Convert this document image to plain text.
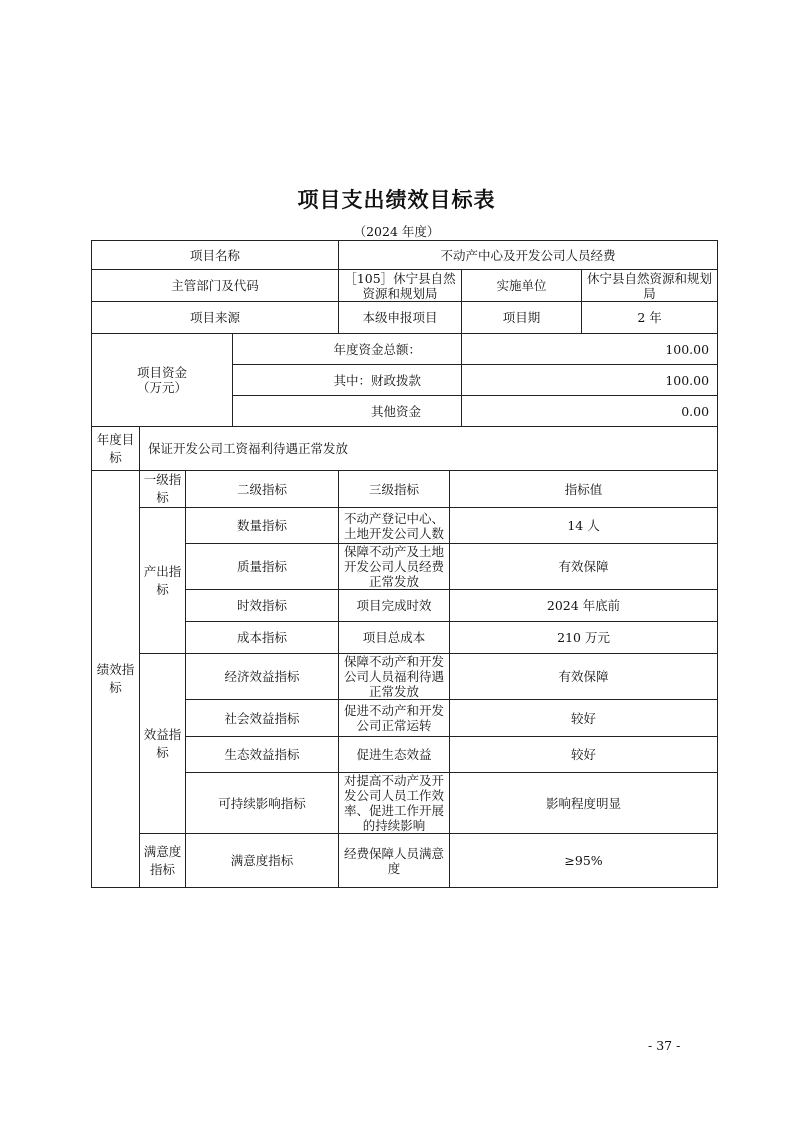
项目支出绩效目标表
（2024 年度）
项目名称				不动产中心及开发公司人员经费			
主管部门及代码				［105］休宁县自然资源和规划局		实施单位	休宁县自然资源和规划局
项目来源				本级申报项目		项目期	2 年

项目资金
（万元）			年度资金总额：			100.00	
			其中：财政拨款			100.00	
			其他资金			0.00	
年度目标	保证开发公司工资福利待遇正常发放						
绩效指标	一级指标	二级指标		三级指标	指标值		
	产出指标	数量指标		不动产登记中心、土地开发公司人数	14 人		
		质量指标		保障不动产及土地开发公司人员经费正常发放	有效保障		
		时效指标		项目完成时效	2024 年底前		
		成本指标		项目总成本	210 万元		
	效益指标	经济效益指标		保障不动产和开发公司人员福利待遇正常发放	有效保障		
		社会效益指标		促进不动产和开发公司正常运转	较好		
		生态效益指标		促进生态效益	较好		
		可持续影响指标		对提高不动产及开发公司人员工作效率、促进工作开展的持续影响	影响程度明显		
	满意度指标	满意度指标		经费保障人员满意度	≥95%		
- 37 -
